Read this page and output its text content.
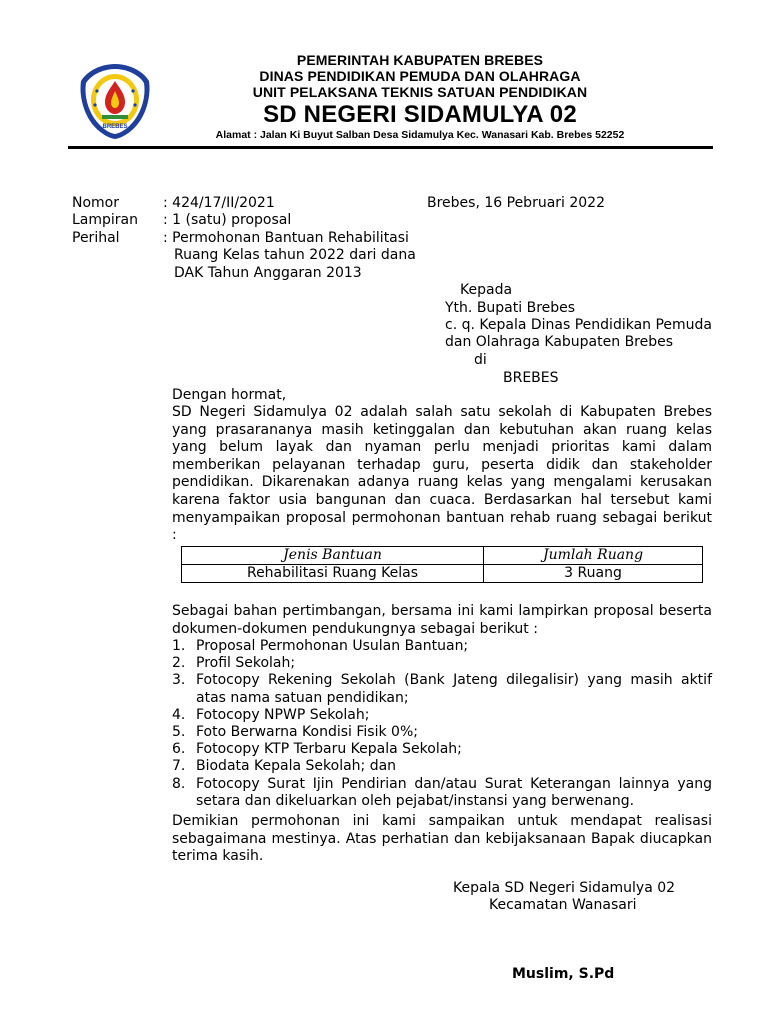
BREBES
PEMERINTAH KABUPATEN BREBES
DINAS PENDIDIKAN PEMUDA DAN OLAHRAGA
UNIT PELAKSANA TEKNIS SATUAN PENDIDIKAN
SD NEGERI SIDAMULYA 02
Alamat : Jalan Ki Buyut Salban Desa Sidamulya Kec. Wanasari Kab. Brebes 52252
Nomor	: 424/17/II/2021
Lampiran : 1 (satu) proposal
Perihal	: Permohonan Bantuan Rehabilitasi
Ruang Kelas tahun 2022 dari dana
DAK Tahun Anggaran 2013
Brebes, 16 Pebruari 2022
Kepada
Yth. Bupati Brebes
c. q. Kepala Dinas Pendidikan Pemuda
dan Olahraga Kabupaten Brebes
di
BREBES
Dengan hormat,
SD Negeri Sidamulya 02 adalah salah satu sekolah di Kabupaten Brebes yang prasarananya masih ketinggalan dan kebutuhan akan ruang kelas yang belum layak dan nyaman perlu menjadi prioritas kami dalam memberikan pelayanan terhadap guru, peserta didik dan stakeholder pendidikan. Dikarenakan adanya ruang kelas yang mengalami kerusakan karena faktor usia bangunan dan cuaca. Berdasarkan hal tersebut kami menyampaikan proposal permohonan bantuan rehab ruang sebagai berikut :
Jenis Bantuan	Jumlah Ruang
Rehabilitasi Ruang Kelas	3 Ruang
Sebagai bahan pertimbangan, bersama ini kami lampirkan proposal beserta dokumen-dokumen pendukungnya sebagai berikut :
1. Proposal Permohonan Usulan Bantuan;
2. Profil Sekolah;
3. Fotocopy Rekening Sekolah (Bank Jateng dilegalisir) yang masih aktif atas nama satuan pendidikan;
4. Fotocopy NPWP Sekolah;
5. Foto Berwarna Kondisi Fisik 0%;
6. Fotocopy KTP Terbaru Kepala Sekolah;
7. Biodata Kepala Sekolah; dan
8. Fotocopy Surat Ijin Pendirian dan/atau Surat Keterangan lainnya yang setara dan dikeluarkan oleh pejabat/instansi yang berwenang.
Demikian permohonan ini kami sampaikan untuk mendapat realisasi sebagaimana mestinya. Atas perhatian dan kebijaksanaan Bapak diucapkan terima kasih.
Kepala SD Negeri Sidamulya 02
Kecamatan Wanasari
Muslim, S.Pd
